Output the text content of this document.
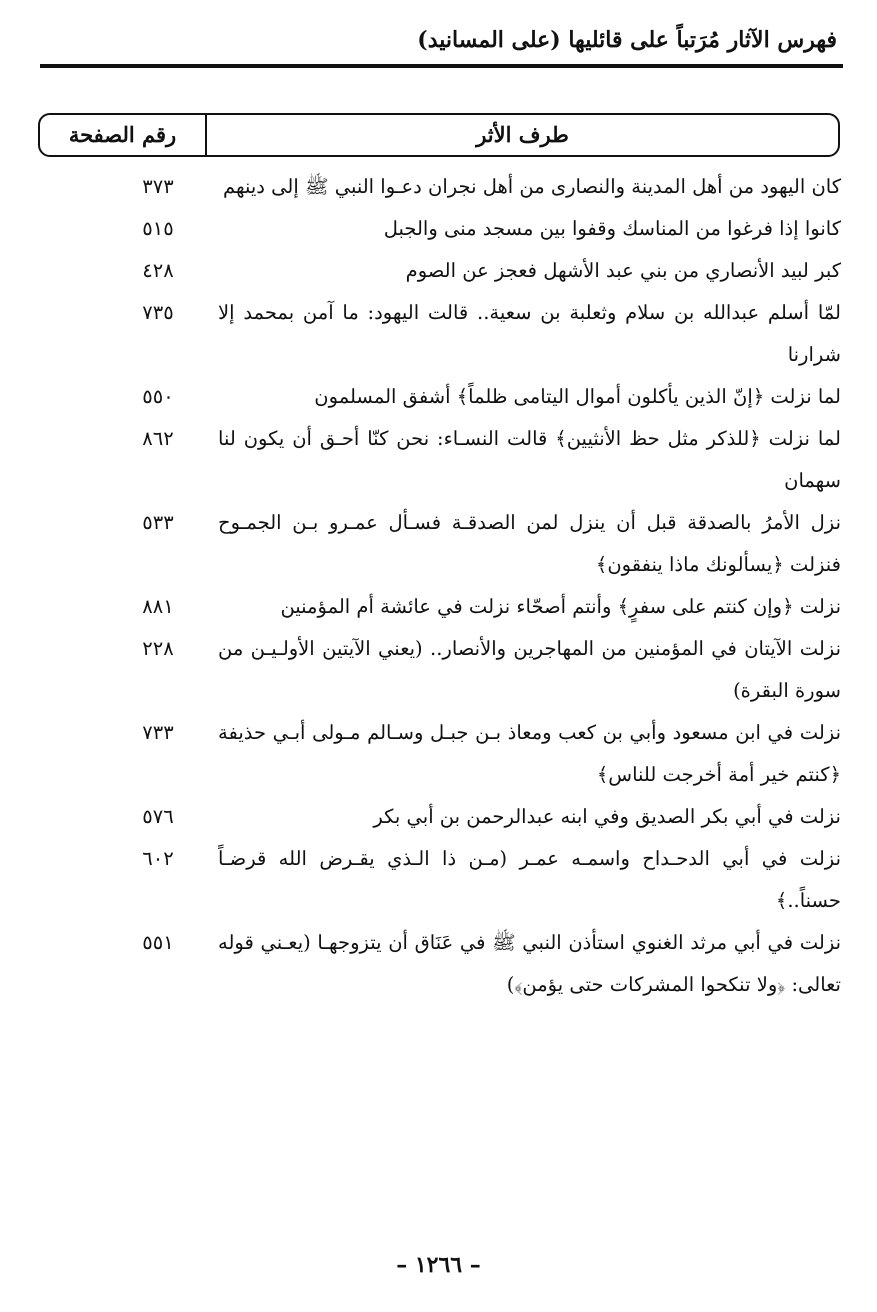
فهرس الآثار مُرَتباً على قائليها (على المسانيد)
طرف الأثر
رقم الصفحة
كان اليهود من أهل المدينة والنصارى من أهل نجران دعـوا النبي ﷺ إلى دينهم
٣٧٣
كانوا إذا فرغوا من المناسك وقفوا بين مسجد منى والجبل
٥١٥
كبر لبيد الأنصاري من بني عبد الأشهل فعجز عن الصوم
٤٢٨
لمّا أسلم عبدالله بن سلام وثعلبة بن سعية.. قالت اليهود: ما آمن بمحمد إلا شرارنا
٧٣٥
لما نزلت ﴿إنّ الذين يأكلون أموال اليتامى ظلماً﴾ أشفق المسلمون
٥٥٠
لما نزلت ﴿للذكر مثل حظ الأنثيين﴾ قالت النسـاء: نحن كنّا أحـق أن يكون لنا سهمان
٨٦٢
نزل الأمرُ بالصدقة قبل أن ينزل لمن الصدقـة فسـأل عمـرو بـن الجمـوح فنزلت ﴿يسألونك ماذا ينفقون﴾
٥٣٣
نزلت ﴿وإن كنتم على سفرٍ﴾ وأنتم أصحّاء نزلت في عائشة أم المؤمنين
٨٨١
نزلت الآيتان في المؤمنين من المهاجرين والأنصار.. (يعني الآيتين الأولـيـن من سورة البقرة)
٢٢٨
نزلت في ابن مسعود وأبي بن كعب ومعاذ بـن جبـل وسـالم مـولى أبـي حذيفة ﴿كنتم خير أمة أخرجت للناس﴾
٧٣٣
نزلت في أبي بكر الصديق وفي ابنه عبدالرحمن بن أبي بكر
٥٧٦
نزلت في أبي الدحـداح واسمـه عمـر (مـن ذا الـذي يقـرض الله قرضـاً حسناً..﴾
٦٠٢
نزلت في أبي مرثد الغنوي استأذن النبي ﷺ في عَنَاق أن يتزوجهـا (يعـني قوله تعالى: ﴿ولا تنكحوا المشركات حتى يؤمن﴾)
٥٥١
– ١٢٦٦ –
